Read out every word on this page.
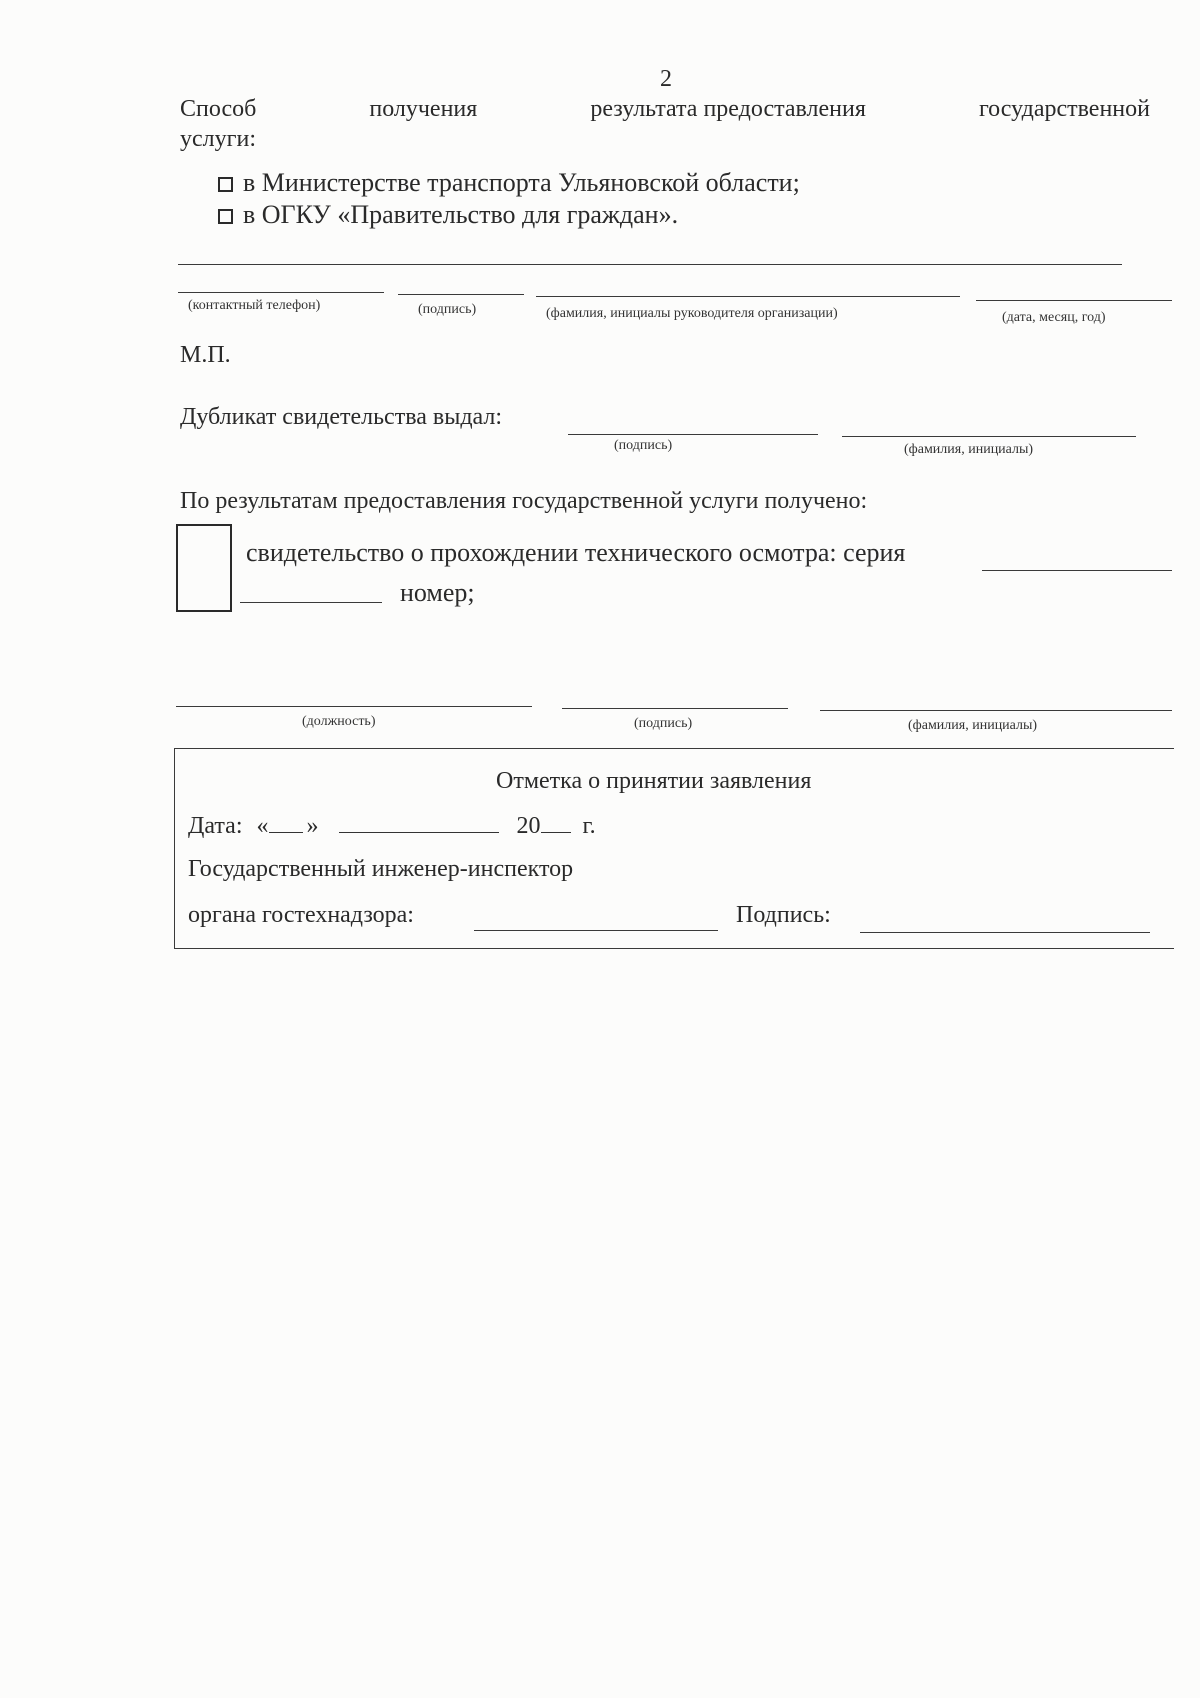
2
Способ	получения	результата предоставления	государственной
услуги:
в Министерстве транспорта Ульяновской области;
в ОГКУ «Правительство для граждан».
(контактный телефон)	(подпись)	(фамилия, инициалы руководителя организации)	(дата, месяц, год)
М.П.
Дубликат свидетельства выдал:
(подпись)	(фамилия, инициалы)
По результатам предоставления государственной услуги получено:
свидетельство о прохождении технического осмотра: серия
номер;
(должность)	(подпись)	(фамилия, инициалы)
Отметка о принятии заявления
Дата: « »	20 г.
Государственный инженер-инспектор
органа гостехнадзора:	Подпись:
